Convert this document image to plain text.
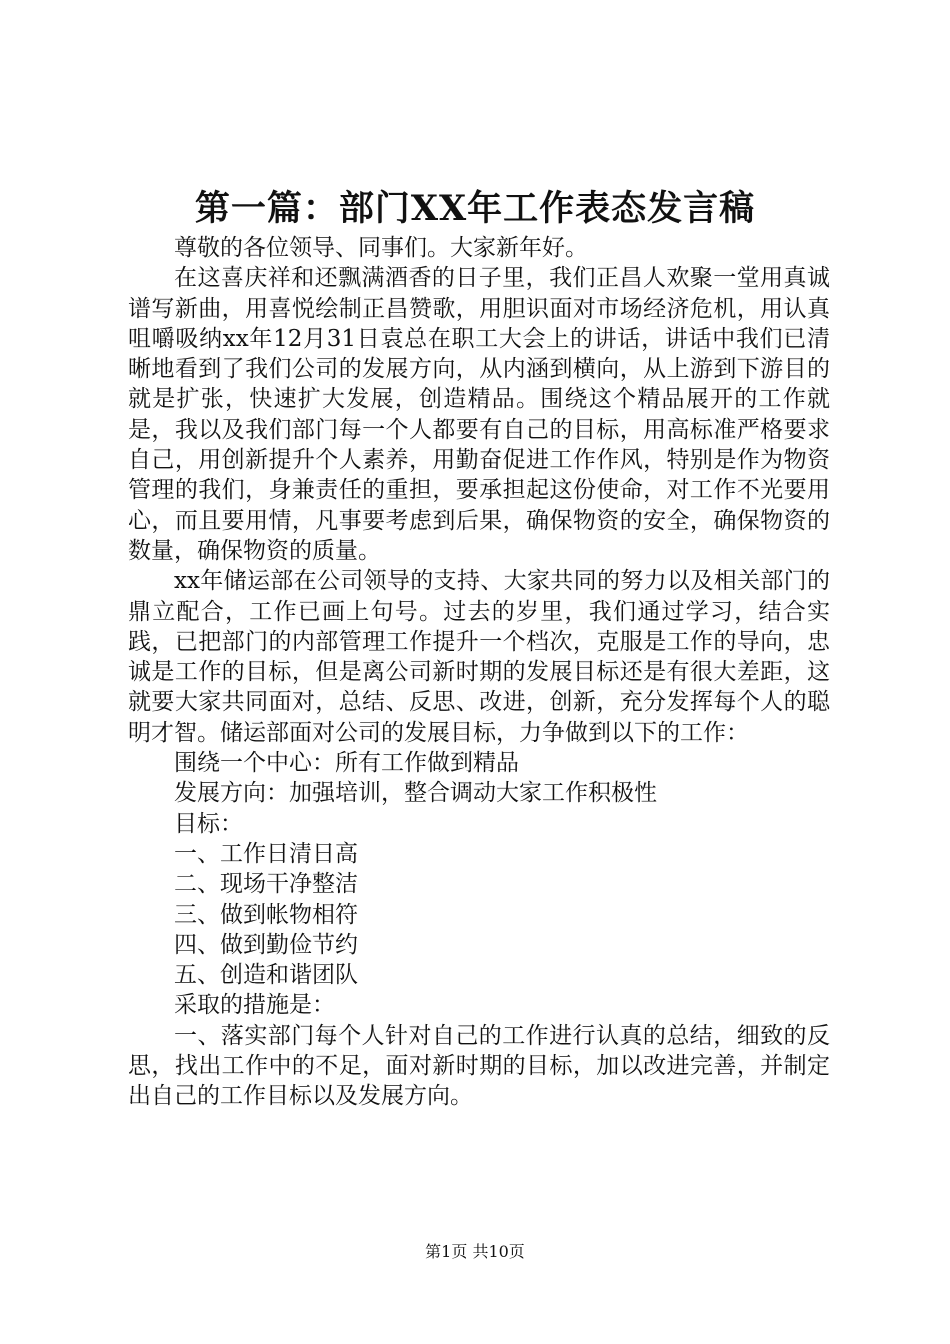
第一篇：部门XX年工作表态发言稿

尊敬的各位领导、同事们。大家新年好。

在这喜庆祥和还飘满酒香的日子里，我们正昌人欢聚一堂用真诚谱写新曲，用喜悦绘制正昌赞歌，用胆识面对市场经济危机，用认真咀嚼吸纳xx年12月31日袁总在职工大会上的讲话，讲话中我们已清晰地看到了我们公司的发展方向，从内涵到横向，从上游到下游目的就是扩张，快速扩大发展，创造精品。围绕这个精品展开的工作就是，我以及我们部门每一个人都要有自己的目标，用高标准严格要求自己，用创新提升个人素养，用勤奋促进工作作风，特别是作为物资管理的我们，身兼责任的重担，要承担起这份使命，对工作不光要用心，而且要用情，凡事要考虑到后果，确保物资的安全，确保物资的数量，确保物资的质量。

xx年储运部在公司领导的支持、大家共同的努力以及相关部门的鼎立配合，工作已画上句号。过去的岁里，我们通过学习，结合实践，已把部门的内部管理工作提升一个档次，克服是工作的导向，忠诚是工作的目标，但是离公司新时期的发展目标还是有很大差距，这就要大家共同面对，总结、反思、改进，创新，充分发挥每个人的聪明才智。储运部面对公司的发展目标，力争做到以下的工作：

围绕一个中心：所有工作做到精品

发展方向：加强培训，整合调动大家工作积极性

目标：

一、工作日清日高

二、现场干净整洁

三、做到帐物相符

四、做到勤俭节约

五、创造和谐团队

采取的措施是：

一、落实部门每个人针对自己的工作进行认真的总结，细致的反思，找出工作中的不足，面对新时期的目标，加以改进完善，并制定出自己的工作目标以及发展方向。

第1页 共10页
